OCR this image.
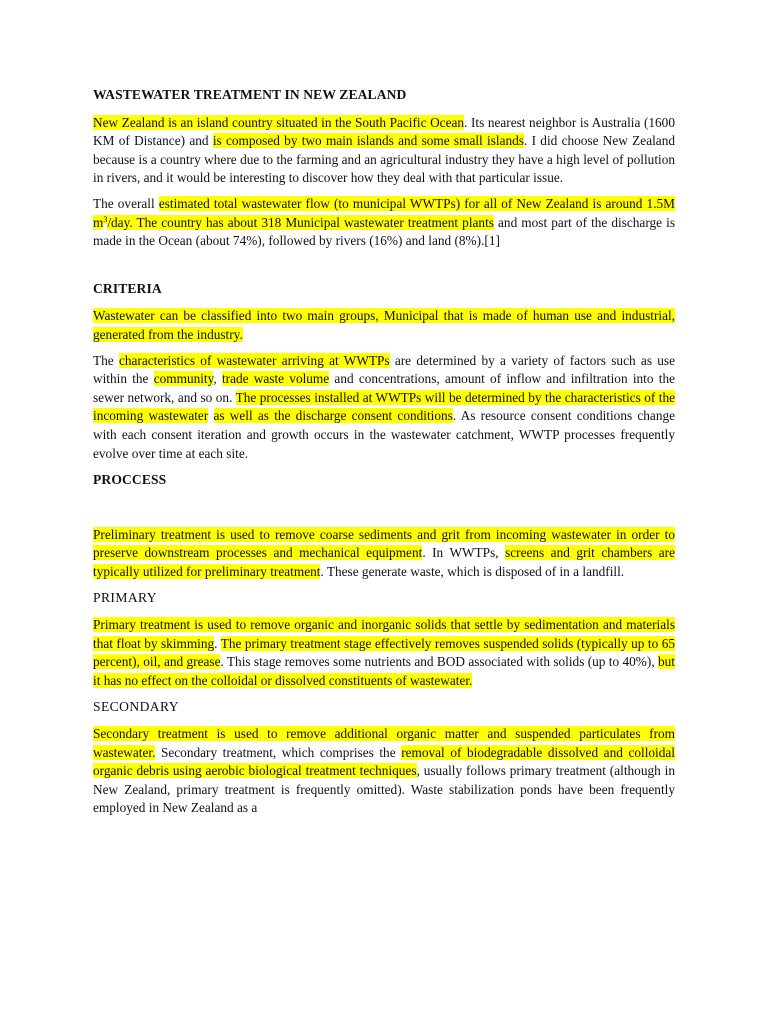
WASTEWATER TREATMENT IN NEW ZEALAND

New Zealand is an island country situated in the South Pacific Ocean. Its nearest neighbor is Australia (1600 KM of Distance) and is composed by two main islands and some small islands. I did choose New Zealand because is a country where due to the farming and an agricultural industry they have a high level of pollution in rivers, and it would be interesting to discover how they deal with that particular issue.

The overall estimated total wastewater flow (to municipal WWTPs) for all of New Zealand is around 1.5M $m^3$/day. The country has about 318 Municipal wastewater treatment plants and most part of the discharge is made in the Ocean (about 74%), followed by rivers (16%) and land (8%).[1]

CRITERIA

Wastewater can be classified into two main groups, Municipal that is made of human use and industrial, generated from the industry.

The characteristics of wastewater arriving at WWTPs are determined by a variety of factors such as use within the community, trade waste volume and concentrations, amount of inflow and infiltration into the sewer network, and so on. The processes installed at WWTPs will be determined by the characteristics of the incoming wastewater as well as the discharge consent conditions. As resource consent conditions change with each consent iteration and growth occurs in the wastewater catchment, WWTP processes frequently evolve over time at each site.

PROCCESS

Preliminary treatment is used to remove coarse sediments and grit from incoming wastewater in order to preserve downstream processes and mechanical equipment. In WWTPs, screens and grit chambers are typically utilized for preliminary treatment. These generate waste, which is disposed of in a landfill.

PRIMARY

Primary treatment is used to remove organic and inorganic solids that settle by sedimentation and materials that float by skimming. The primary treatment stage effectively removes suspended solids (typically up to 65 percent), oil, and grease. This stage removes some nutrients and BOD associated with solids (up to 40%), but it has no effect on the colloidal or dissolved constituents of wastewater.

SECONDARY

Secondary treatment is used to remove additional organic matter and suspended particulates from wastewater. Secondary treatment, which comprises the removal of biodegradable dissolved and colloidal organic debris using aerobic biological treatment techniques, usually follows primary treatment (although in New Zealand, primary treatment is frequently omitted). Waste stabilization ponds have been frequently employed in New Zealand as a
